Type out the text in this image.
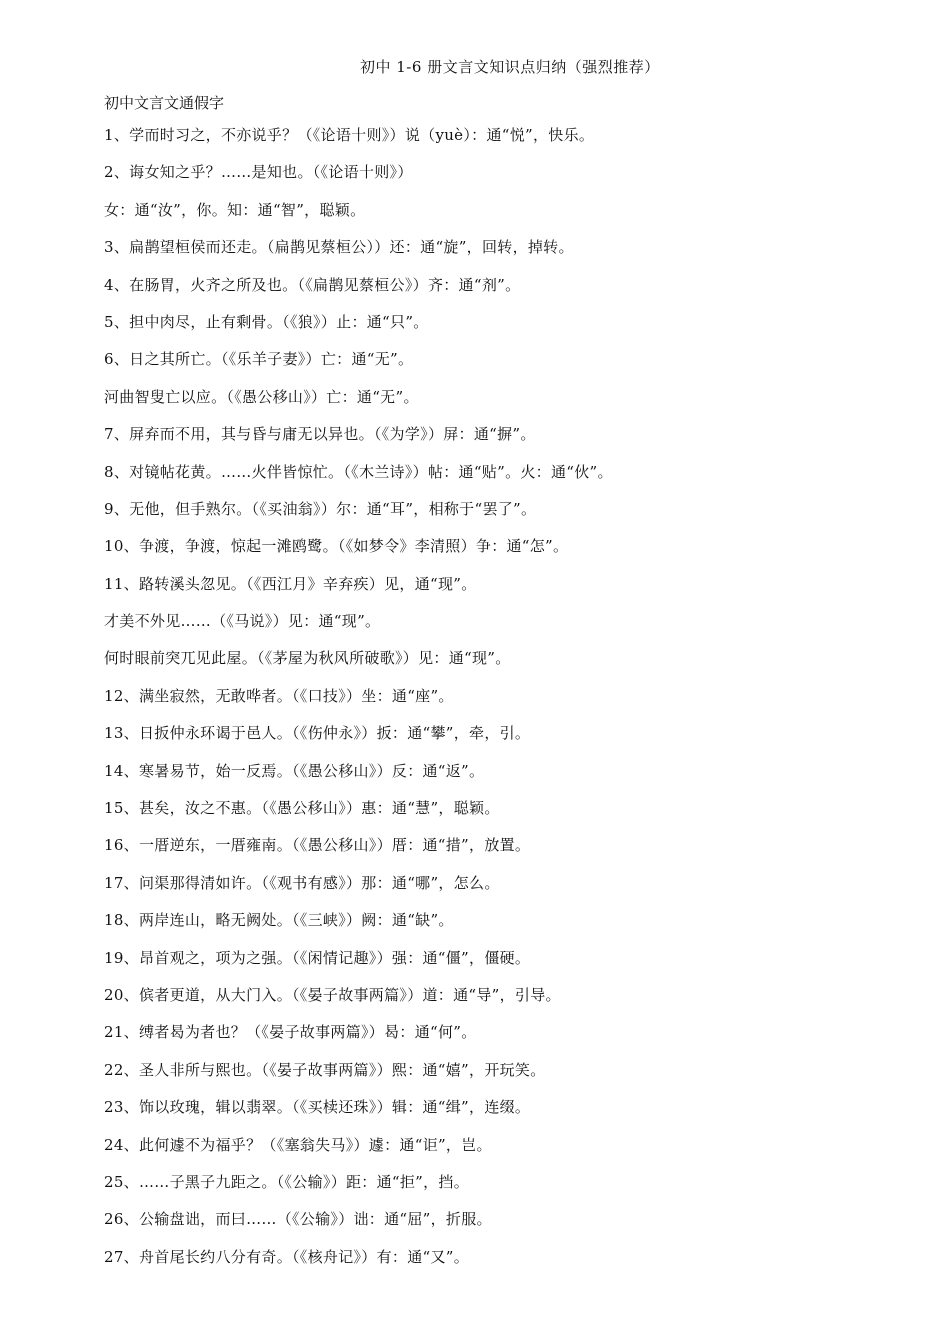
初中 1-6 册文言文知识点归纳（强烈推荐）
初中文言文通假字
1、学而时习之，不亦说乎？（《论语十则》）说（yuè）：通“悦”，快乐。
2、诲女知之乎？……是知也。（《论语十则》）
女：通“汝”，你。知：通“智”，聪颖。
3、扁鹊望桓侯而还走。（扁鹊见蔡桓公））还：通“旋”，回转，掉转。
4、在肠胃，火齐之所及也。（《扁鹊见蔡桓公》）齐：通“剂”。
5、担中肉尽，止有剩骨。（《狼》）止：通“只”。
6、日之其所亡。（《乐羊子妻》）亡：通“无”。
河曲智叟亡以应。（《愚公移山》）亡：通“无”。
7、屏弃而不用，其与昏与庸无以异也。（《为学》）屏：通“摒”。
8、对镜帖花黄。……火伴皆惊忙。（《木兰诗》）帖：通“贴”。火：通“伙”。
9、无他，但手熟尔。（《买油翁》）尔：通“耳”，相称于“罢了”。
10、争渡，争渡，惊起一滩鸥鹭。（《如梦令》李清照）争：通“怎”。
11、路转溪头忽见。（《西江月》辛弃疾）见，通“现”。
才美不外见……（《马说》）见：通“现”。
何时眼前突兀见此屋。（《茅屋为秋风所破歌》）见：通“现”。
12、满坐寂然，无敢哗者。（《口技》）坐：通“座”。
13、日扳仲永环谒于邑人。（《伤仲永》）扳：通“攀”，牵，引。
14、寒暑易节，始一反焉。（《愚公移山》）反：通“返”。
15、甚矣，汝之不惠。（《愚公移山》）惠：通“慧”，聪颖。
16、一厝逆东，一厝雍南。（《愚公移山》）厝：通“措”，放置。
17、问渠那得清如许。（《观书有感》）那：通“哪”，怎么。
18、两岸连山，略无阙处。（《三峡》）阙：通“缺”。
19、昂首观之，项为之强。（《闲情记趣》）强：通“僵”，僵硬。
20、傧者更道，从大门入。（《晏子故事两篇》）道：通“导”，引导。
21、缚者曷为者也？（《晏子故事两篇》）曷：通“何”。
22、圣人非所与熙也。（《晏子故事两篇》）熙：通“嬉”，开玩笑。
23、饰以玫瑰，辑以翡翠。（《买椟还珠》）辑：通“缉”，连缀。
24、此何遽不为福乎？（《塞翁失马》）遽：通“讵”，岂。
25、……子黑子九距之。（《公输》）距：通“拒”，挡。
26、公输盘诎，而曰……（《公输》）诎：通“屈”，折服。
27、舟首尾长约八分有奇。（《核舟记》）有：通“又”。
